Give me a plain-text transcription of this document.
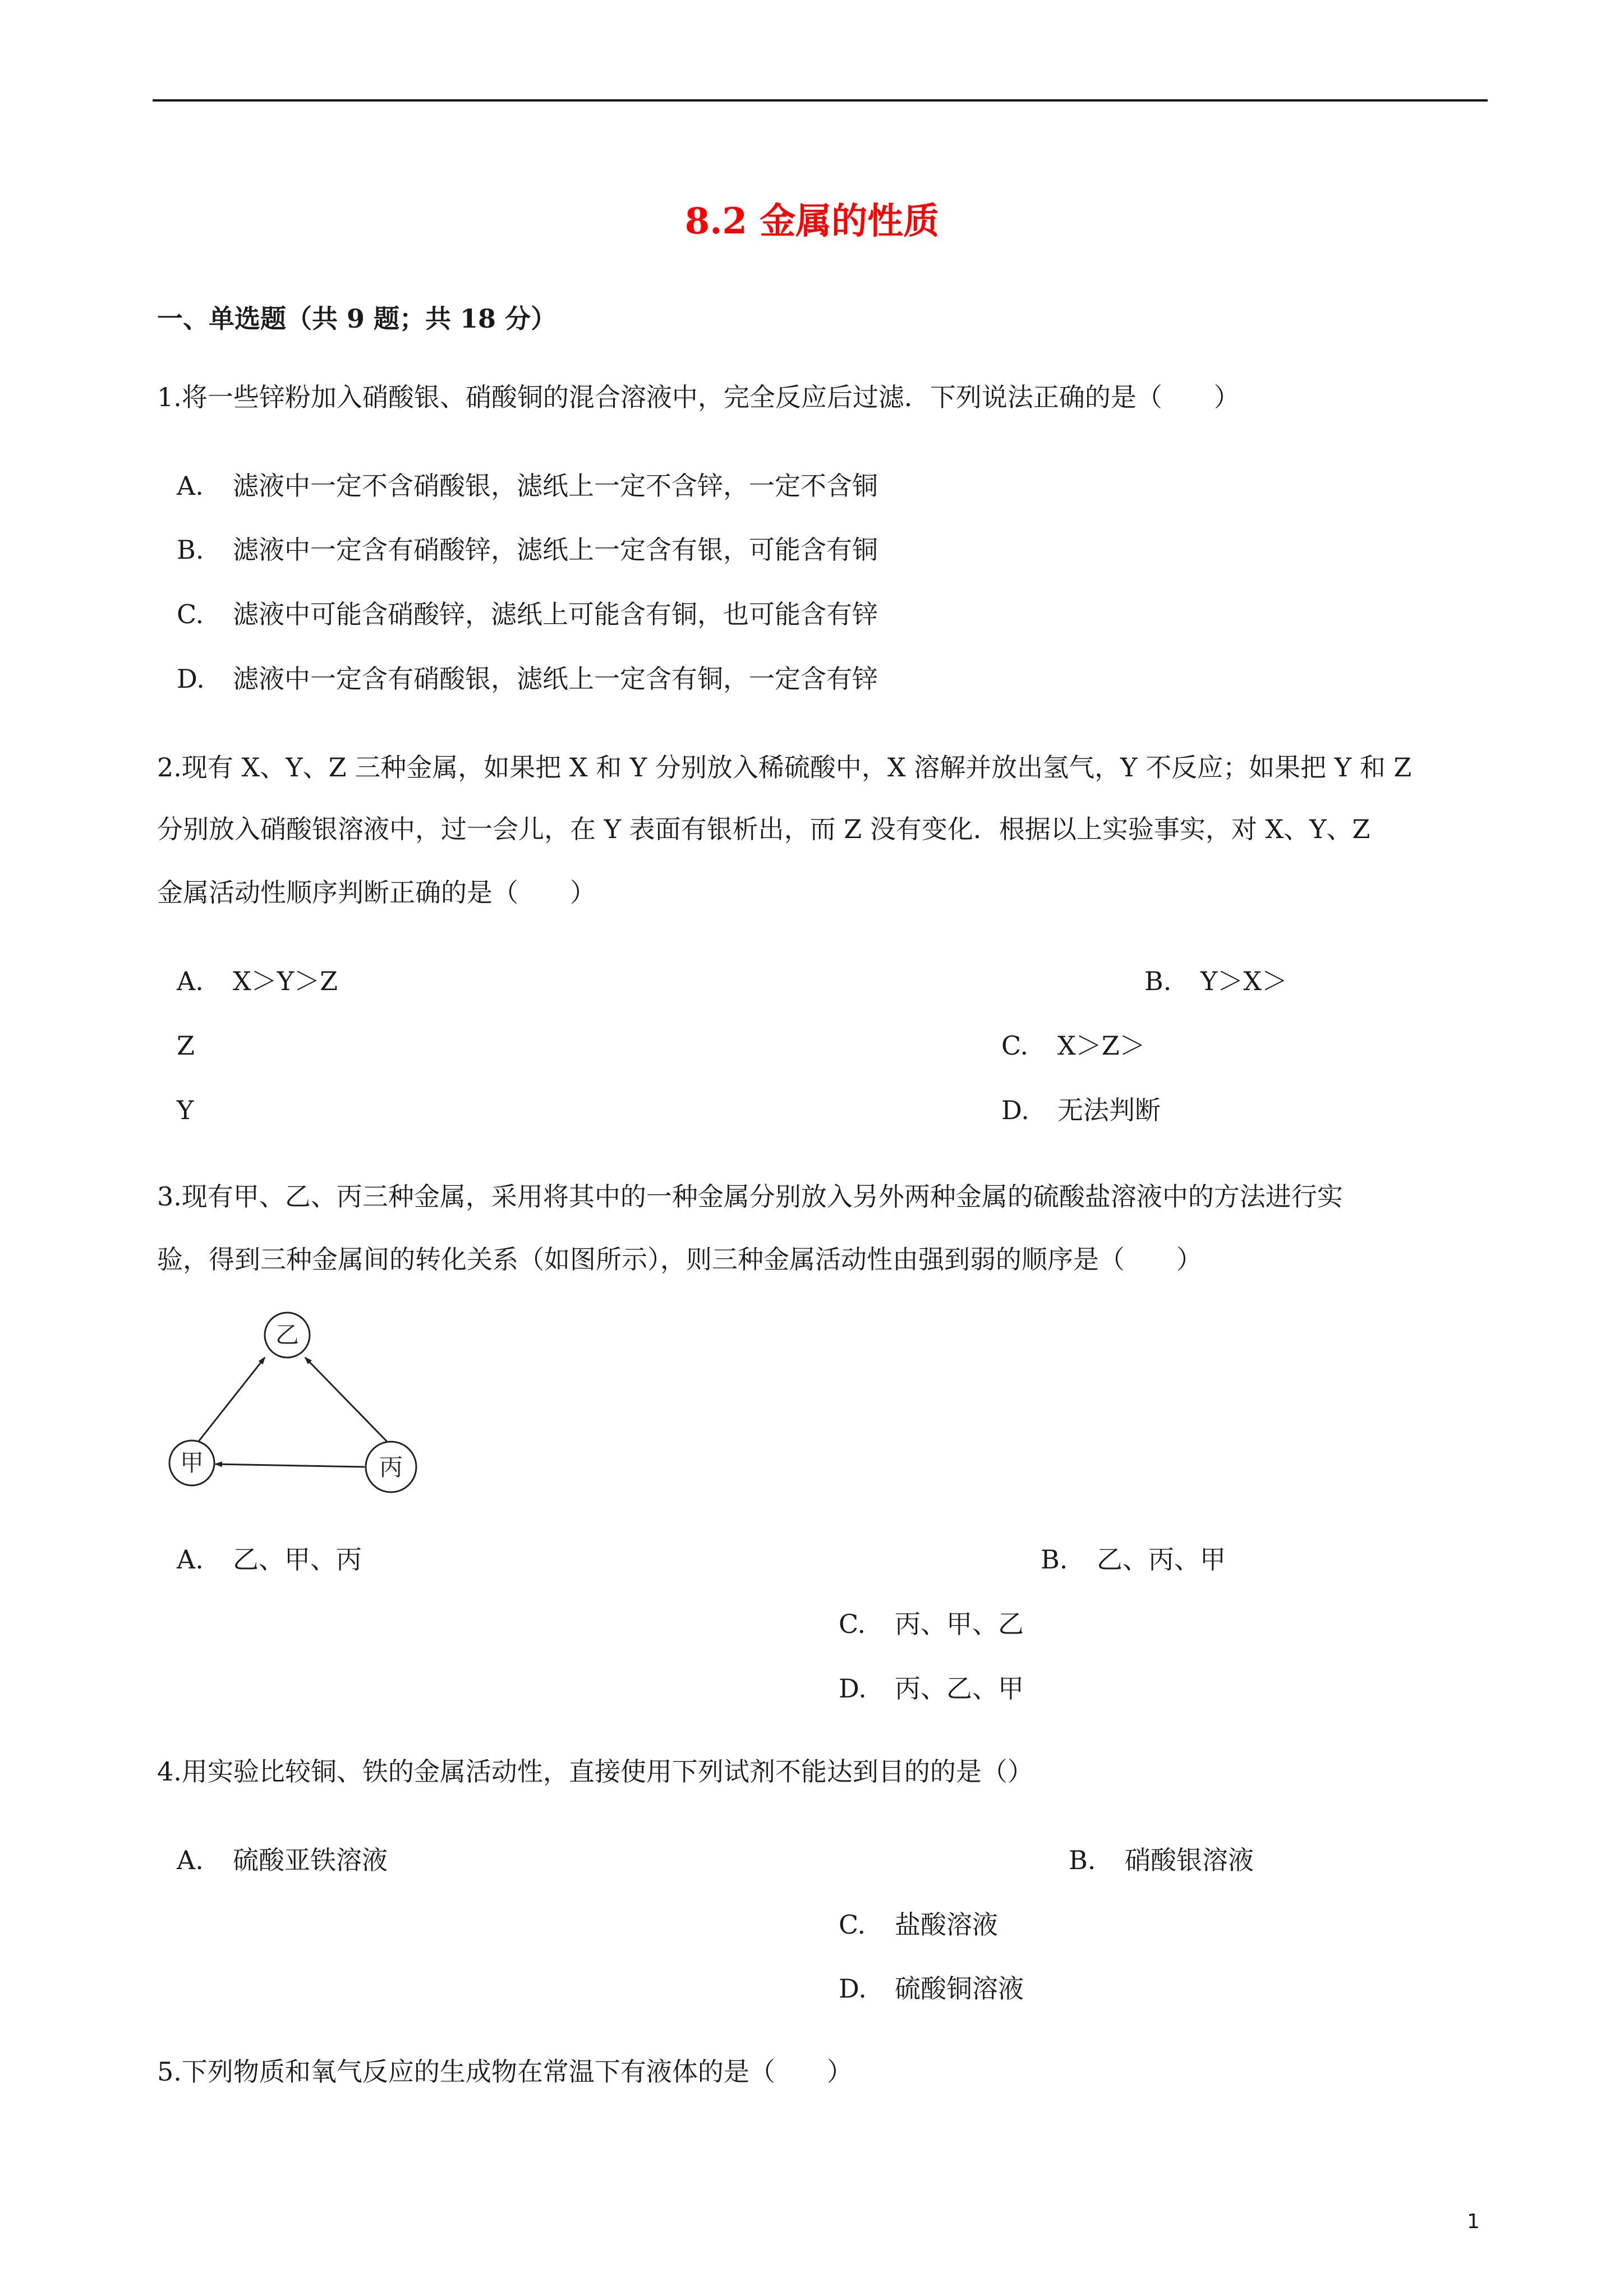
8.2 金属的性质
一、单选题（共 9 题；共 18 分）
1.将一些锌粉加入硝酸银、硝酸铜的混合溶液中，完全反应后过滤．下列说法正确的是（　　）
A. 滤液中一定不含硝酸银，滤纸上一定不含锌，一定不含铜
B. 滤液中一定含有硝酸锌，滤纸上一定含有银，可能含有铜
C. 滤液中可能含硝酸锌，滤纸上可能含有铜，也可能含有锌
D. 滤液中一定含有硝酸银，滤纸上一定含有铜，一定含有锌
2.现有 X、Y、Z 三种金属，如果把 X 和 Y 分别放入稀硫酸中，X 溶解并放出氢气，Y 不反应；如果把 Y 和 Z
分别放入硝酸银溶液中，过一会儿，在 Y 表面有银析出，而 Z 没有变化．根据以上实验事实，对 X、Y、Z
金属活动性顺序判断正确的是（　　）
A. X＞Y＞Z	B. Y＞X＞
Z	C. X＞Z＞
Y	D. 无法判断
3.现有甲、乙、丙三种金属，采用将其中的一种金属分别放入另外两种金属的硫酸盐溶液中的方法进行实
验，得到三种金属间的转化关系（如图所示），则三种金属活动性由强到弱的顺序是（　　）
乙
甲	丙
A. 乙、甲、丙	B. 乙、丙、甲
C. 丙、甲、乙
D. 丙、乙、甲
4.用实验比较铜、铁的金属活动性，直接使用下列试剂不能达到目的的是（）
A. 硫酸亚铁溶液	B. 硝酸银溶液
C. 盐酸溶液
D. 硫酸铜溶液
5.下列物质和氧气反应的生成物在常温下有液体的是（　　）
1
